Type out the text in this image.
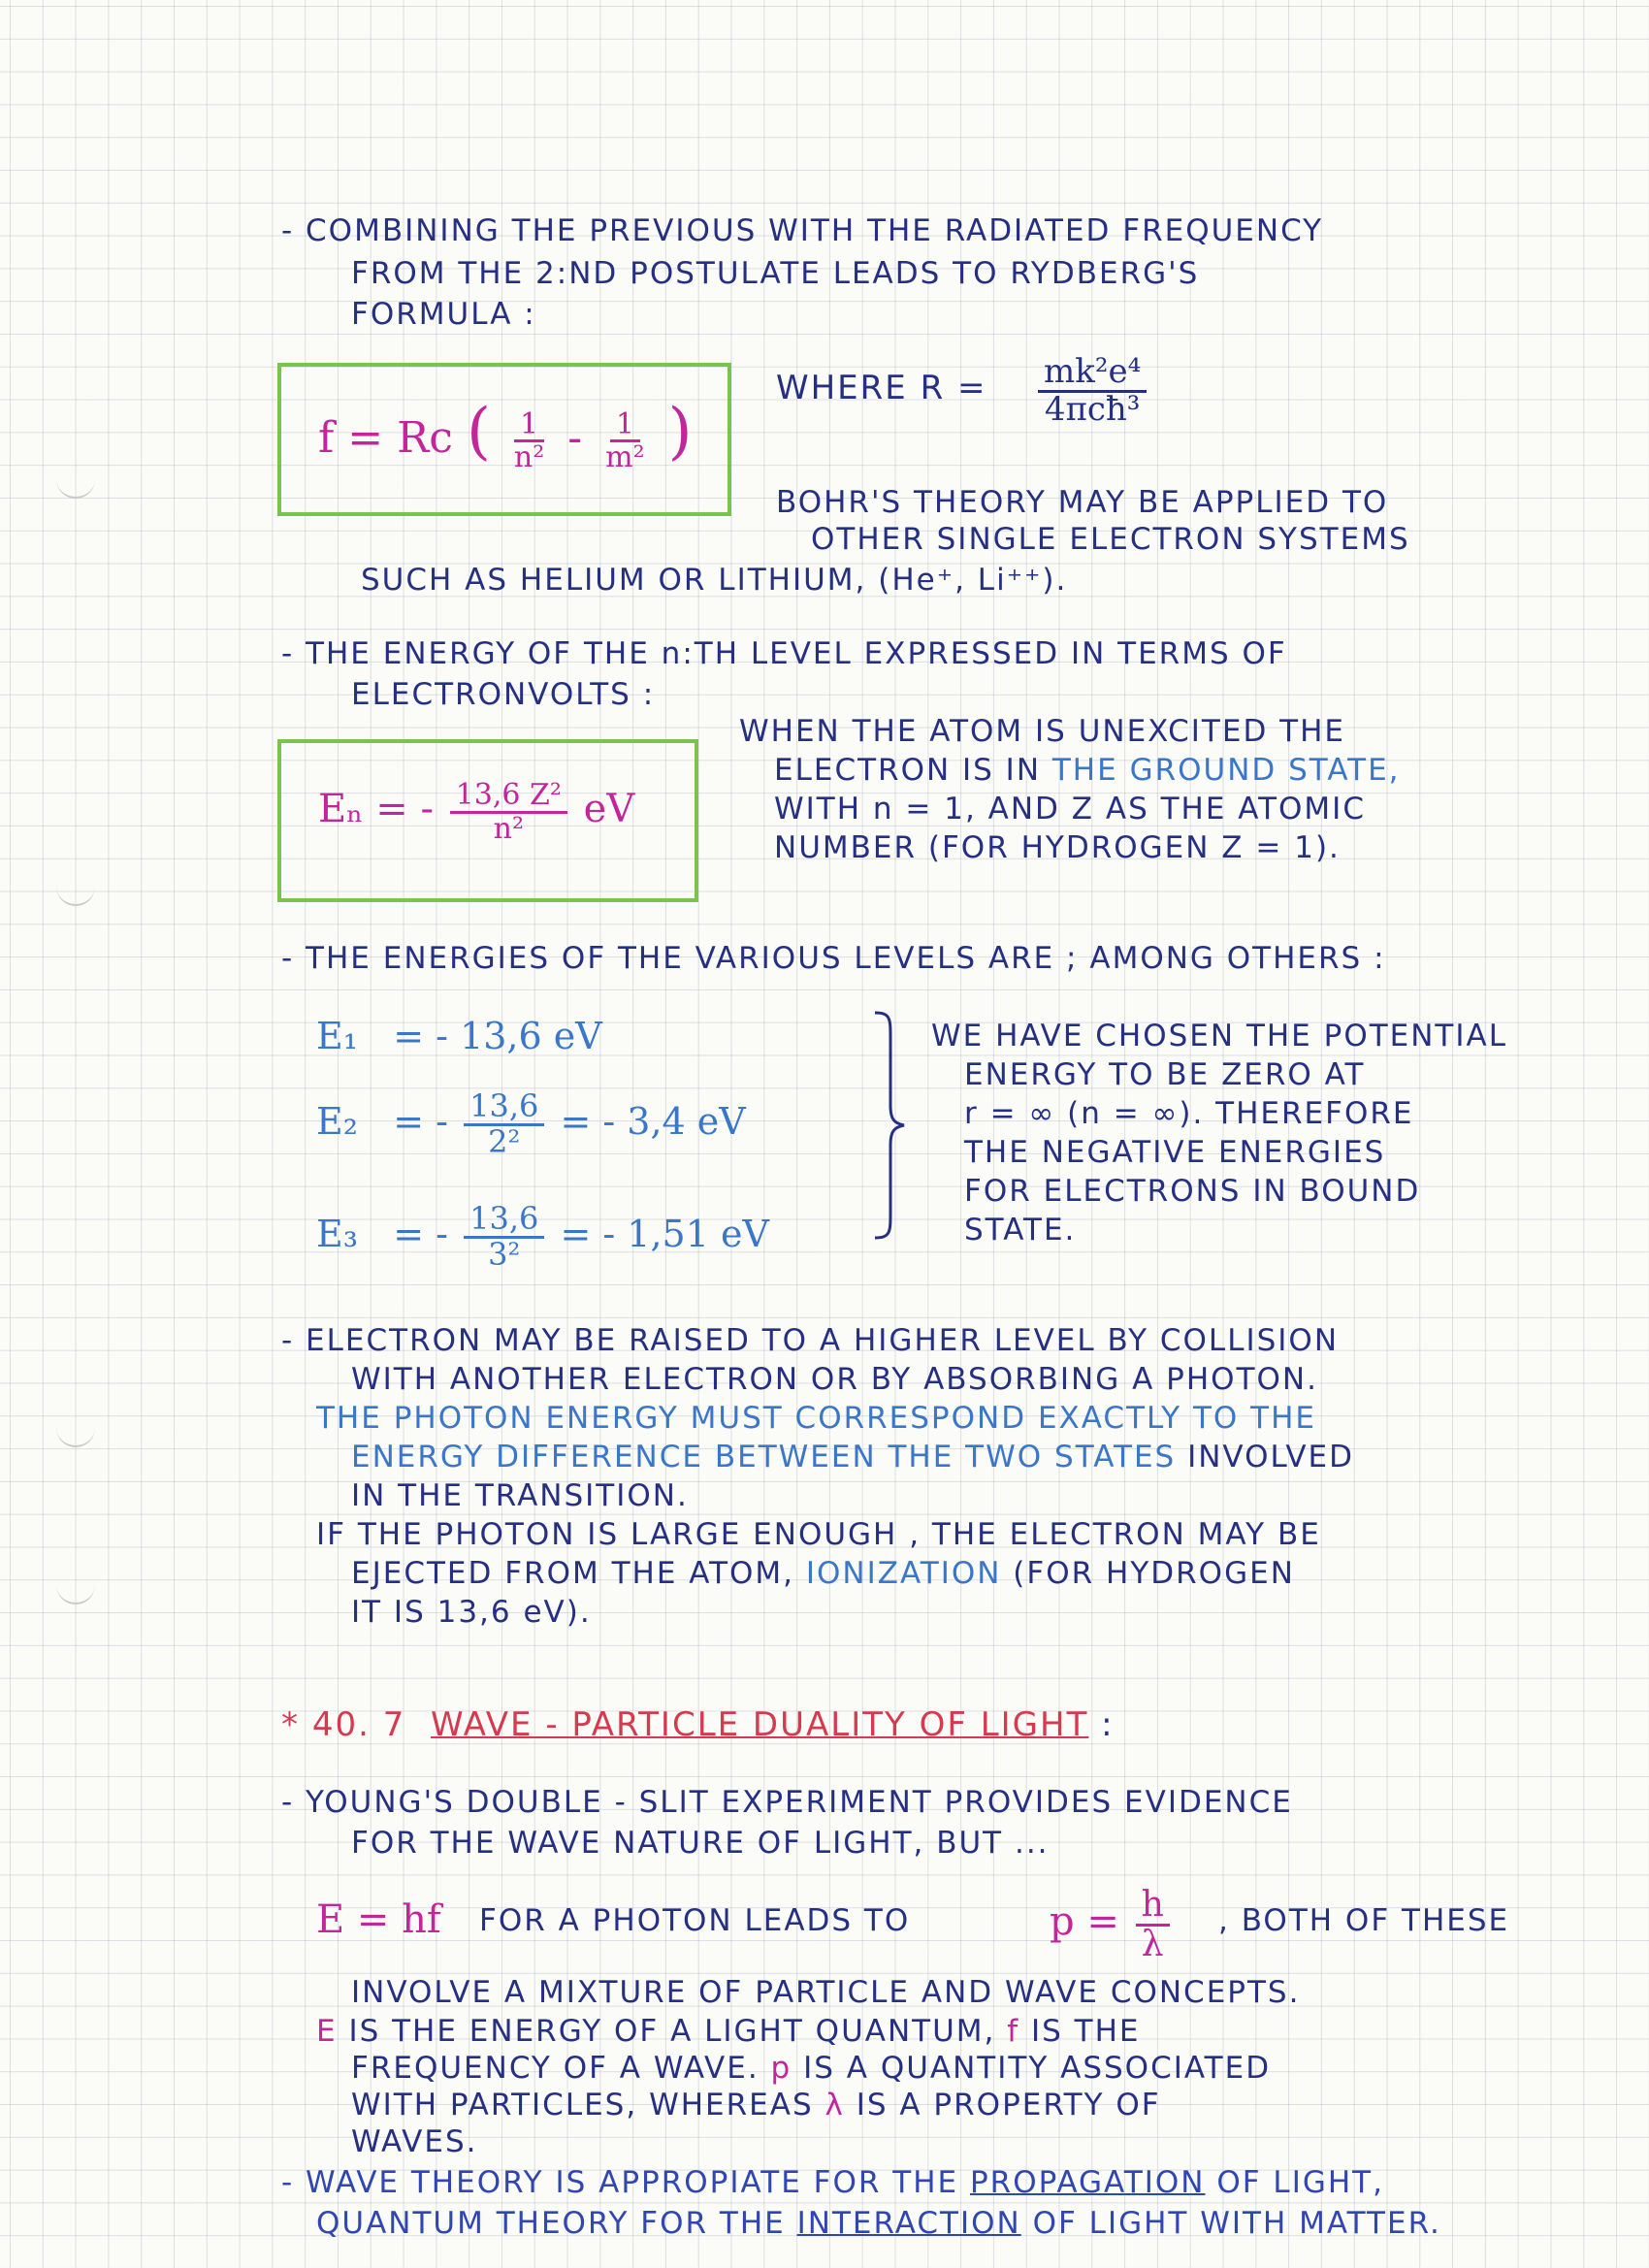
- COMBINING THE PREVIOUS WITH THE RADIATED FREQUENCY
FROM THE 2:ND POSTULATE LEADS TO RYDBERG'S
FORMULA :
f = Rc ( $\frac{1}{\text{n²}} - \frac{1}{\text{m²}}$ )
WHERE $R = \frac{\text{mk²e⁴}}{\text{4πcħ³}}$
BOHR'S THEORY MAY BE APPLIED TO
OTHER SINGLE ELECTRON SYSTEMS
SUCH AS HELIUM OR LITHIUM, (He⁺, Li⁺⁺).
- THE ENERGY OF THE n:TH LEVEL EXPRESSED IN TERMS OF
ELECTRONVOLTS :
Eₙ = - $\frac{\text{13,6 Z²}}{\text{n²}}$ eV
WHEN THE ATOM IS UNEXCITED THE
ELECTRON IS IN THE GROUND STATE,
WITH n = 1, AND Z AS THE ATOMIC
NUMBER (FOR HYDROGEN Z = 1).
- THE ENERGIES OF THE VARIOUS LEVELS ARE ; AMONG OTHERS :
E₁ = - 13,6 eV
E₂ = - $\frac{13,6}{\text{2²}}$ = - 3,4 eV
E₃ = - $\frac{13,6}{\text{3²}}$ = - 1,51 eV
WE HAVE CHOSEN THE POTENTIAL
ENERGY TO BE ZERO AT
r = ∞ (n = ∞). THEREFORE
THE NEGATIVE ENERGIES
FOR ELECTRONS IN BOUND
STATE.
- ELECTRON MAY BE RAISED TO A HIGHER LEVEL BY COLLISION
WITH ANOTHER ELECTRON OR BY ABSORBING A PHOTON.
THE PHOTON ENERGY MUST CORRESPOND EXACTLY TO THE
ENERGY DIFFERENCE BETWEEN THE TWO STATES INVOLVED
IN THE TRANSITION.
IF THE PHOTON IS LARGE ENOUGH , THE ELECTRON MAY BE
EJECTED FROM THE ATOM, IONIZATION (FOR HYDROGEN
IT IS 13,6 eV).
* 40. 7 WAVE - PARTICLE DUALITY OF LIGHT :
- YOUNG'S DOUBLE - SLIT EXPERIMENT PROVIDES EVIDENCE
FOR THE WAVE NATURE OF LIGHT, BUT ...
E = hf FOR A PHOTON LEADS TO	$p = \frac{h}{\lambda}$ , BOTH OF THESE
INVOLVE A MIXTURE OF PARTICLE AND WAVE CONCEPTS.
E IS THE ENERGY OF A LIGHT QUANTUM, f IS THE
FREQUENCY OF A WAVE. p IS A QUANTITY ASSOCIATED
WITH PARTICLES, WHEREAS λ IS A PROPERTY OF
WAVES.
- WAVE THEORY IS APPROPIATE FOR THE PROPAGATION OF LIGHT,
QUANTUM THEORY FOR THE INTERACTION OF LIGHT WITH MATTER.
